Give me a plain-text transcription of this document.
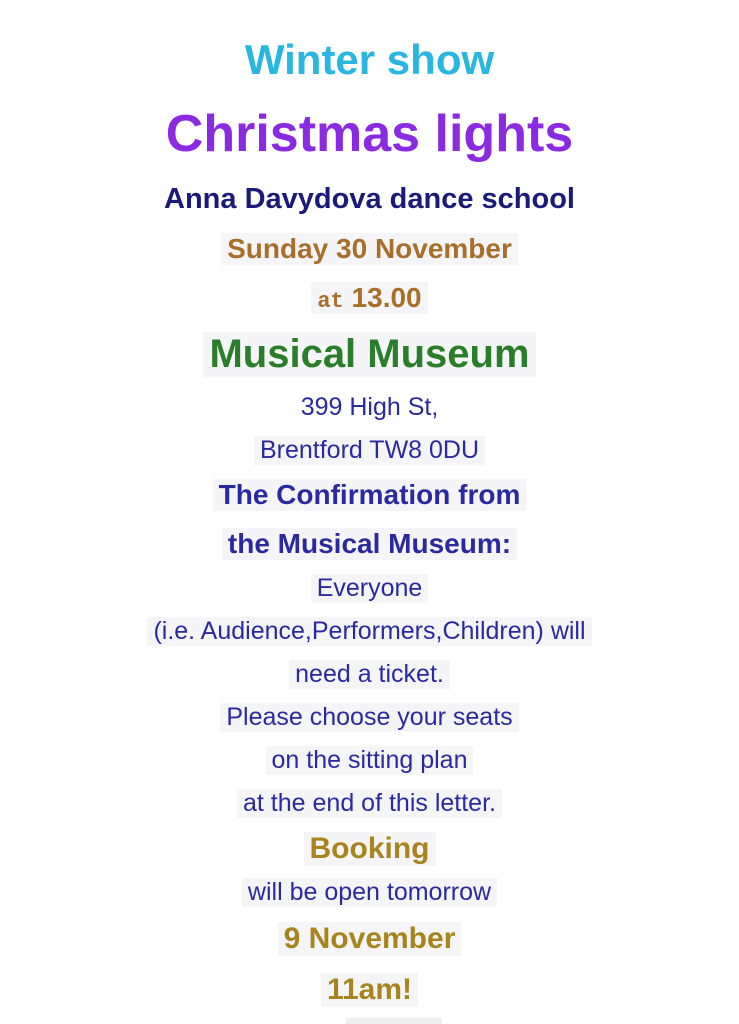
Winter show
Christmas lights
Anna Davydova dance school
Sunday 30 November
at 13.00
Musical Museum
399 High St,
Brentford TW8 0DU
The Confirmation from
the Musical Museum:
Everyone
(i.e. Audience,Performers,Children) will
need a ticket.
Please choose your seats
on the sitting plan
at the end of this letter.
Booking
will be open tomorrow
9 November
11am!
